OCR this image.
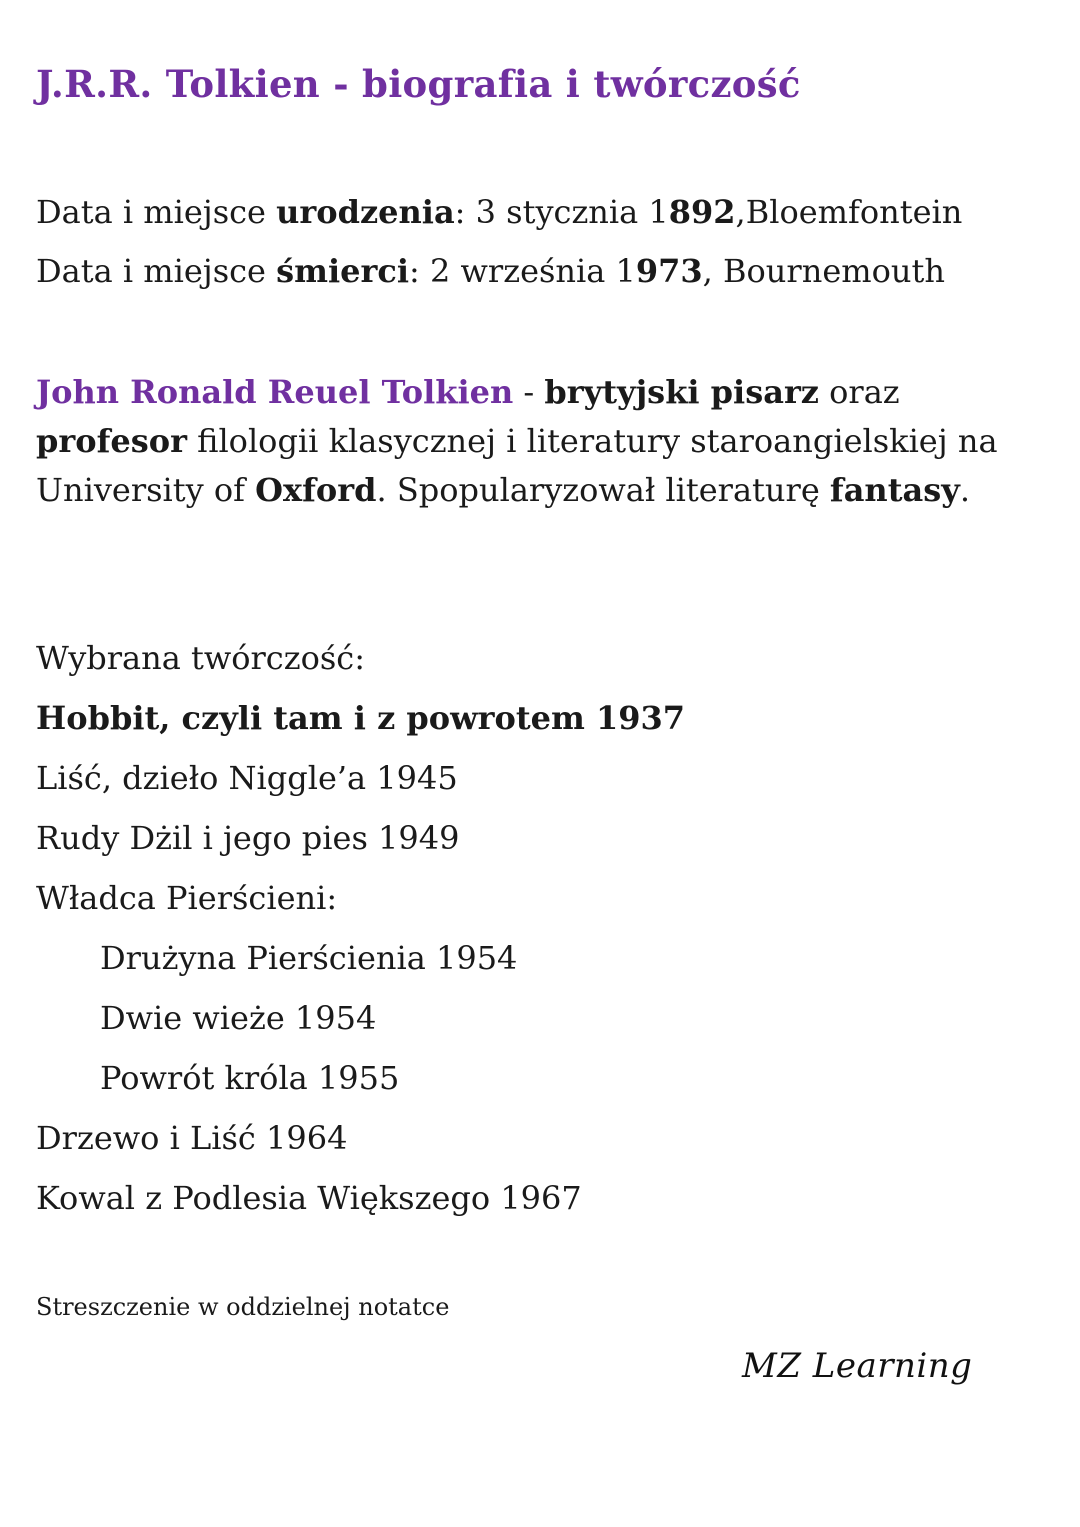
J.R.R. Tolkien - biografia i twórczość
Data i miejsce urodzenia: 3 stycznia 1892,Bloemfontein
Data i miejsce śmierci: 2 września 1973, Bournemouth

John Ronald Reuel Tolkien - brytyjski pisarz oraz profesor filologii klasycznej i literatury staroangielskiej na University of Oxford. Spopularyzował literaturę fantasy.

Wybrana twórczość:
Hobbit, czyli tam i z powrotem 1937
Liść, dzieło Niggle’a 1945
Rudy Dżil i jego pies 1949
Władca Pierścieni:
Drużyna Pierścienia 1954
Dwie wieże 1954
Powrót króla 1955
Drzewo i Liść 1964
Kowal z Podlesia Większego 1967
Streszczenie w oddzielnej notatce
MZ Learning
